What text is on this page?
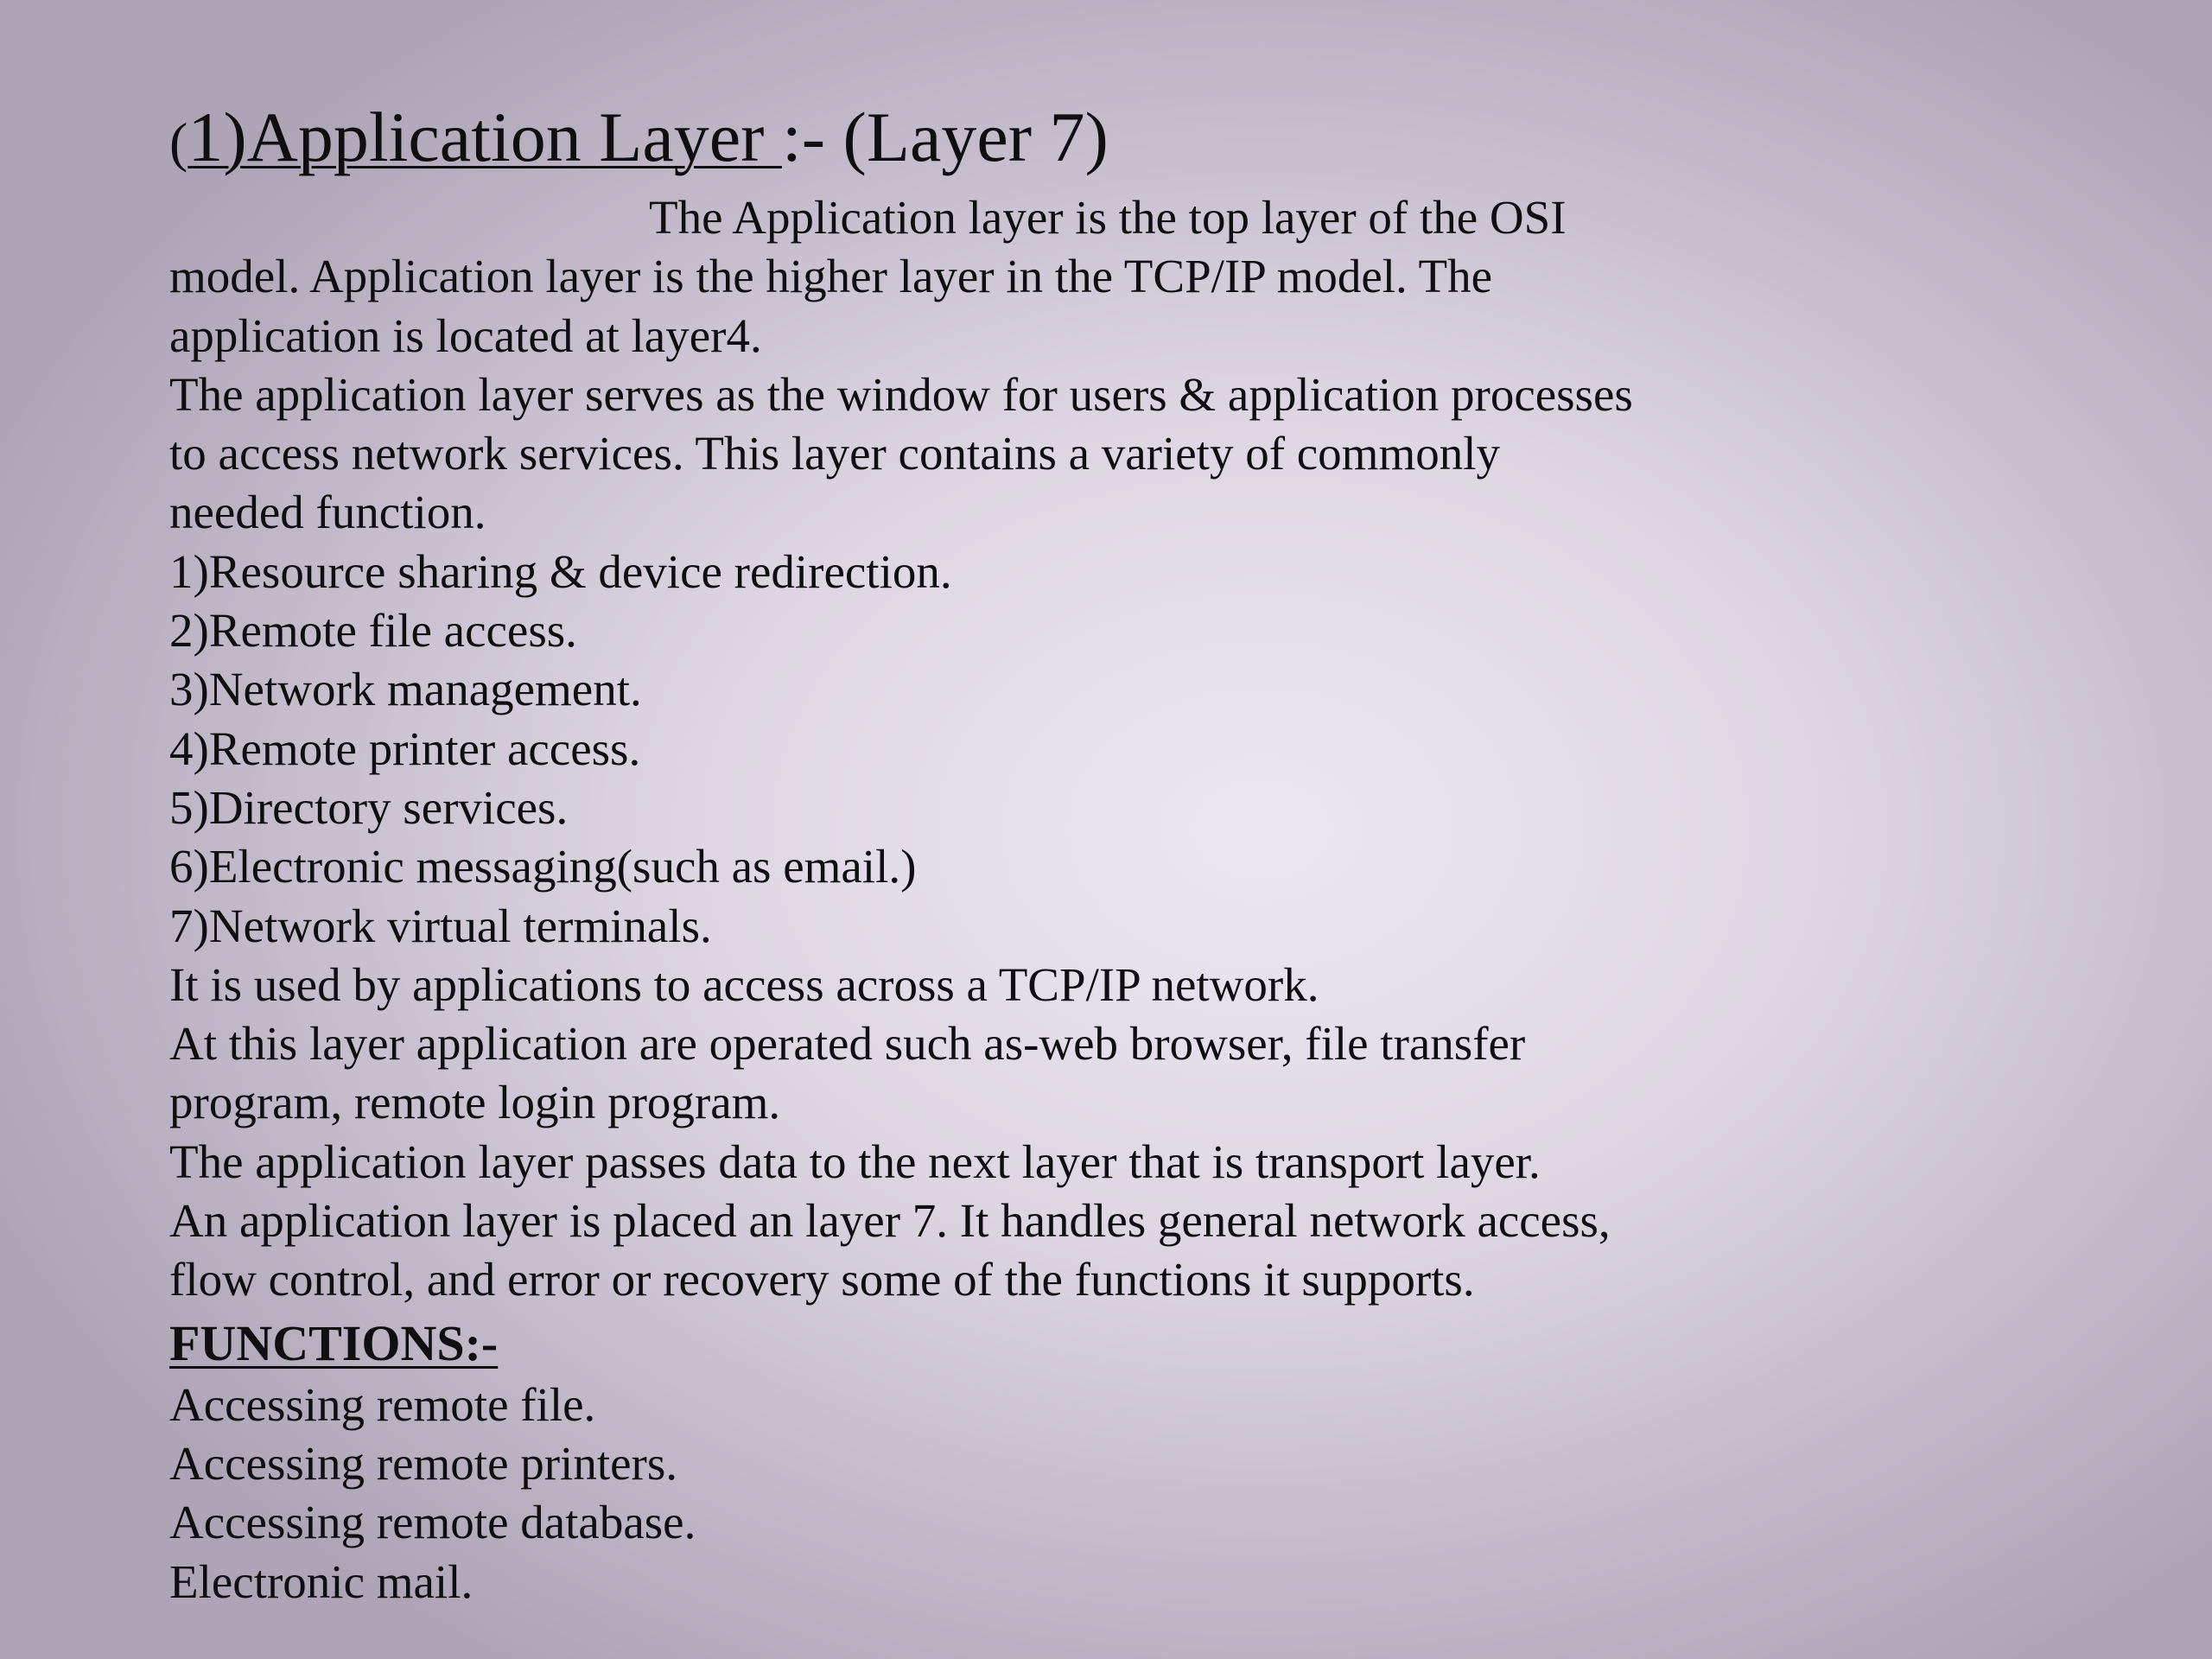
(1)Application Layer :- (Layer 7)
The Application layer is the top layer of the OSI
model. Application layer is the higher layer in the TCP/IP model. The
application is located at layer4.
The application layer serves as the window for users & application processes
to access network services. This layer contains a variety of commonly
needed function.
1)Resource sharing & device redirection.
2)Remote file access.
3)Network management.
4)Remote printer access.
5)Directory services.
6)Electronic messaging(such as email.)
7)Network virtual terminals.
It is used by applications to access across a TCP/IP network.
At this layer application are operated such as-web browser, file transfer
program, remote login program.
The application layer passes data to the next layer that is transport layer.
An application layer is placed an layer 7. It handles general network access,
flow control, and error or recovery some of the functions it supports.
FUNCTIONS:-
Accessing remote file.
Accessing remote printers.
Accessing remote database.
Electronic mail.
